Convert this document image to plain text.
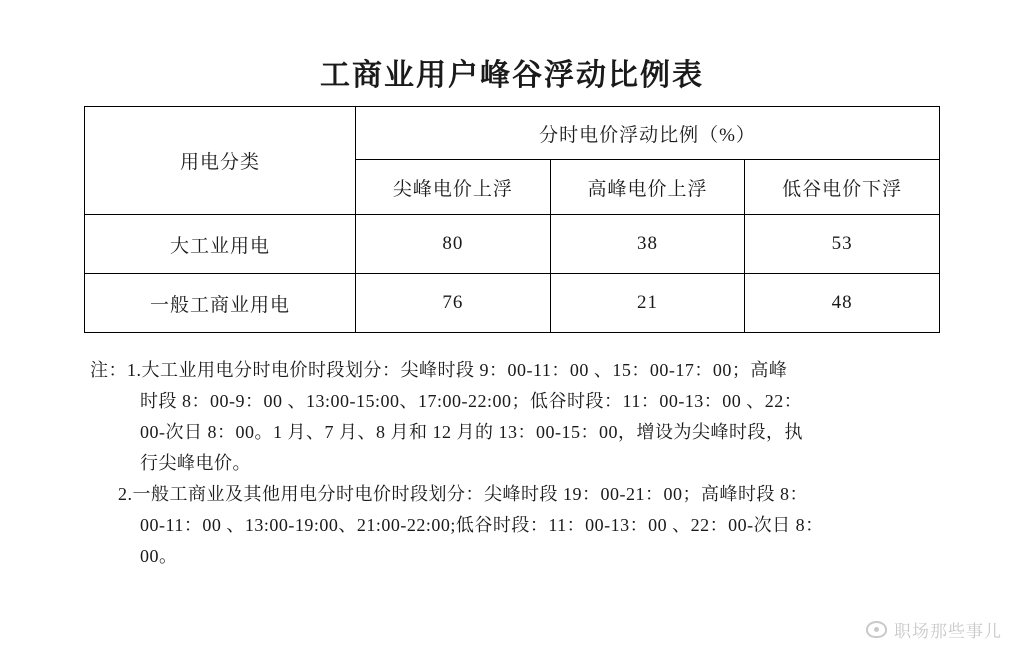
工商业用户峰谷浮动比例表
用电分类	分时电价浮动比例（%）		
	尖峰电价上浮	高峰电价上浮	低谷电价下浮
大工业用电	80	38	53
一般工商业用电	76	21	48
注：1.大工业用电分时电价时段划分：尖峰时段 9：00-11：00 、15：00-17：00；高峰
时段 8：00-9：00 、13:00-15:00、17:00-22:00；低谷时段：11：00-13：00 、22：
00-次日 8：00。1 月、7 月、8 月和 12 月的 13：00-15：00，增设为尖峰时段，执
行尖峰电价。
2.一般工商业及其他用电分时电价时段划分：尖峰时段 19：00-21：00；高峰时段 8：
00-11：00 、13:00-19:00、21:00-22:00;低谷时段：11：00-13：00 、22：00-次日 8：
00。
职场那些事儿
